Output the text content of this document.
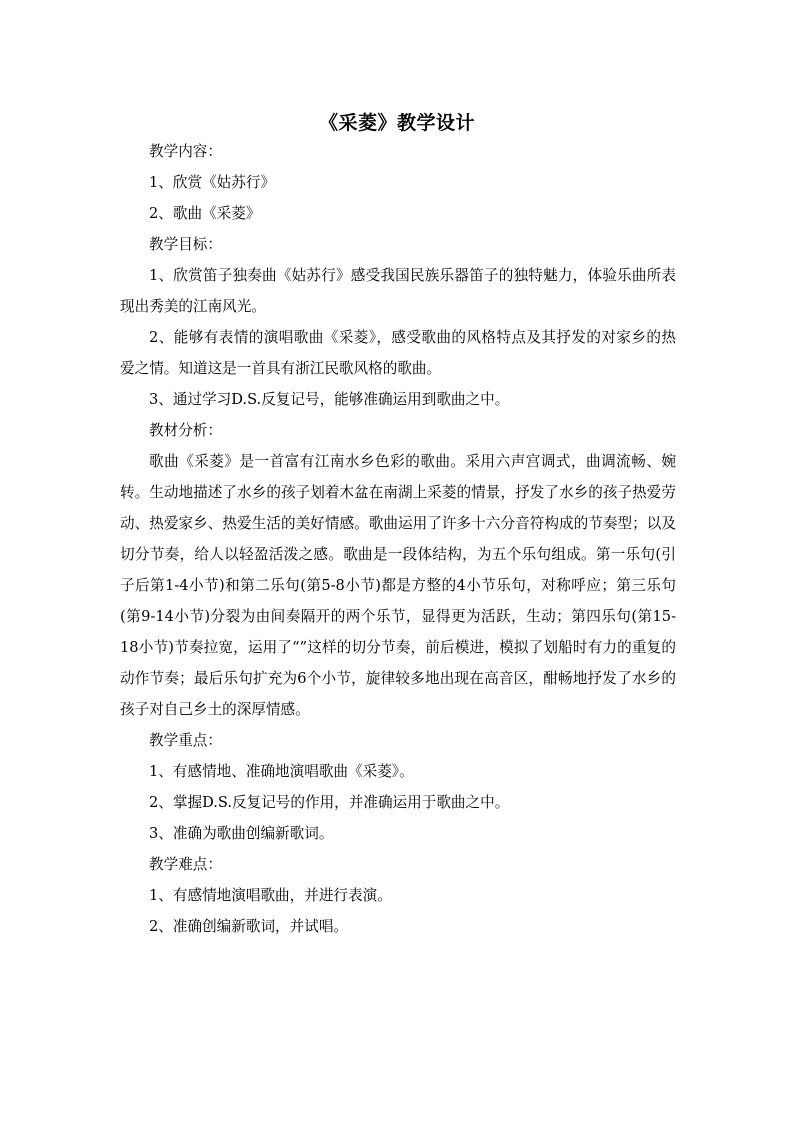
《采菱》教学设计

教学内容：

1、欣赏《姑苏行》

2、歌曲《采菱》

教学目标：

1、欣赏笛子独奏曲《姑苏行》感受我国民族乐器笛子的独特魅力，体验乐曲所表现出秀美的江南风光。

2、能够有表情的演唱歌曲《采菱》，感受歌曲的风格特点及其抒发的对家乡的热爱之情。知道这是一首具有浙江民歌风格的歌曲。

3、通过学习D.S.反复记号，能够准确运用到歌曲之中。

教材分析：

歌曲《采菱》是一首富有江南水乡色彩的歌曲。采用六声宫调式，曲调流畅、婉转。生动地描述了水乡的孩子划着木盆在南湖上采菱的情景，抒发了水乡的孩子热爱劳动、热爱家乡、热爱生活的美好情感。歌曲运用了许多十六分音符构成的节奏型；以及切分节奏，给人以轻盈活泼之感。歌曲是一段体结构，为五个乐句组成。第一乐句(引子后第1-4小节)和第二乐句(第5-8小节)都是方整的4小节乐句，对称呼应；第三乐句(第9-14小节)分裂为由间奏隔开的两个乐节，显得更为活跃，生动；第四乐句(第15-18小节)节奏拉宽，运用了“”这样的切分节奏，前后模进，模拟了划船时有力的重复的动作节奏；最后乐句扩充为6个小节，旋律较多地出现在高音区，酣畅地抒发了水乡的孩子对自己乡土的深厚情感。

教学重点：

1、有感情地、准确地演唱歌曲《采菱》。

2、掌握D.S.反复记号的作用，并准确运用于歌曲之中。

3、准确为歌曲创编新歌词。

教学难点：

1、有感情地演唱歌曲，并进行表演。

2、准确创编新歌词，并试唱。
